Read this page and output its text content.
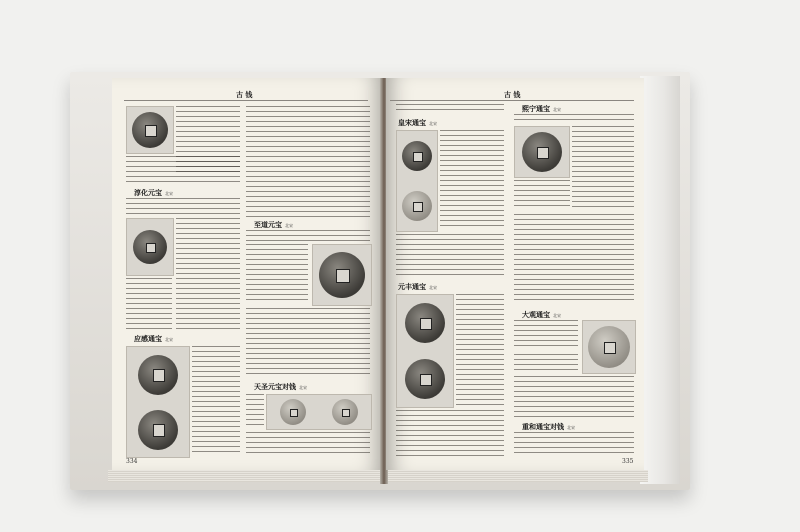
古 钱
淳化元宝 北宋
应感通宝 北宋
至道元宝 北宋
天圣元宝对钱 北宋
334
古 钱
皇宋通宝 北宋
元丰通宝 北宋
熙宁通宝 北宋
大观通宝 北宋
重和通宝对钱 北宋
335
